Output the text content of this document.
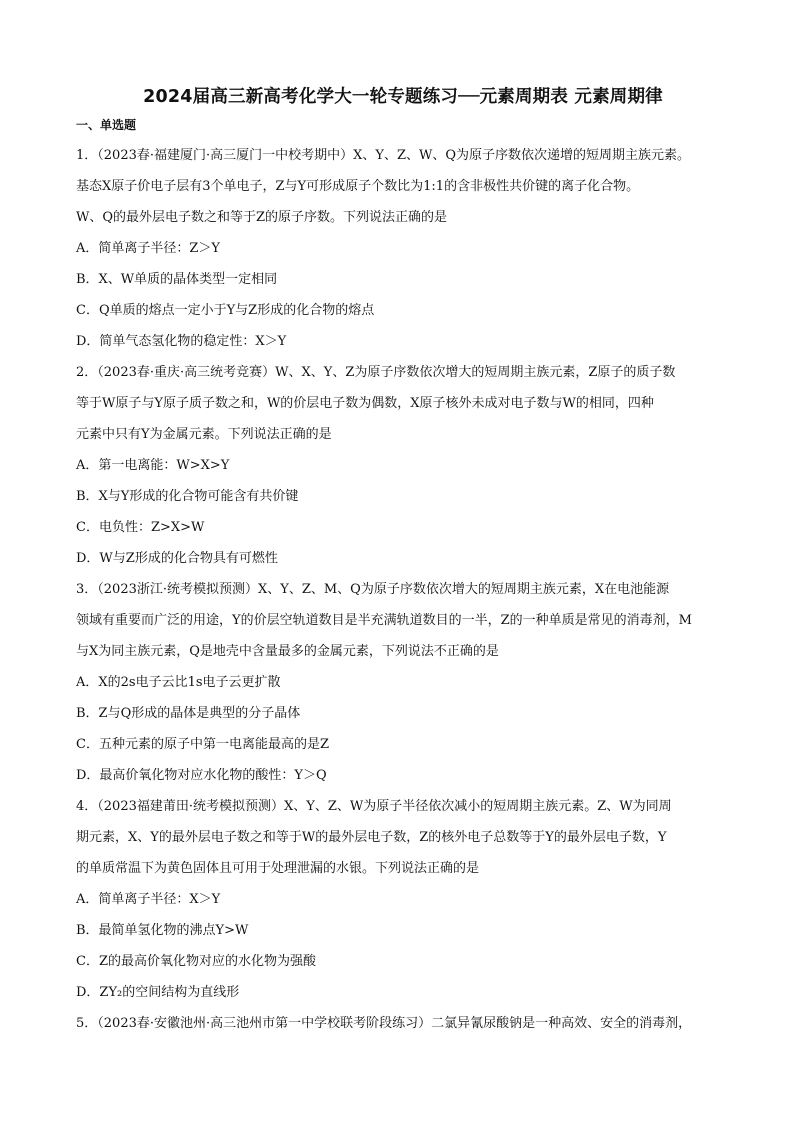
2024届高三新高考化学大一轮专题练习──元素周期表 元素周期律
一、单选题

1．（2023春·福建厦门·高三厦门一中校考期中）X、Y、Z、W、Q为原子序数依次递增的短周期主族元素。

基态X原子价电子层有3个单电子，Z与Y可形成原子个数比为1:1的含非极性共价键的离子化合物。

W、Q的最外层电子数之和等于Z的原子序数。下列说法正确的是

A．简单离子半径：Z＞Y
B．X、W单质的晶体类型一定相同
C．Q单质的熔点一定小于Y与Z形成的化合物的熔点
D．简单气态氢化物的稳定性：X＞Y

2．（2023春·重庆·高三统考竞赛）W、X、Y、Z为原子序数依次增大的短周期主族元素，Z原子的质子数

等于W原子与Y原子质子数之和，W的价层电子数为偶数，X原子核外未成对电子数与W的相同，四种

元素中只有Y为金属元素。下列说法正确的是

A．第一电离能：W>X>Y
B．X与Y形成的化合物可能含有共价键
C．电负性：Z>X>W
D．W与Z形成的化合物具有可燃性

3．（2023浙江·统考模拟预测）X、Y、Z、M、Q为原子序数依次增大的短周期主族元素，X在电池能源

领域有重要而广泛的用途，Y的价层空轨道数目是半充满轨道数目的一半，Z的一种单质是常见的消毒剂，M

与X为同主族元素，Q是地壳中含量最多的金属元素，下列说法不正确的是

A．X的2s电子云比1s电子云更扩散
B．Z与Q形成的晶体是典型的分子晶体
C．五种元素的原子中第一电离能最高的是Z
D．最高价氧化物对应水化物的酸性：Y＞Q

4．（2023福建莆田·统考模拟预测）X、Y、Z、W为原子半径依次减小的短周期主族元素。Z、W为同周

期元素，X、Y的最外层电子数之和等于W的最外层电子数，Z的核外电子总数等于Y的最外层电子数，Y

的单质常温下为黄色固体且可用于处理泄漏的水银。下列说法正确的是

A．简单离子半径：X＞Y
B．最简单氢化物的沸点Y>W
C．Z的最高价氧化物对应的水化物为强酸
D．ZY₂的空间结构为直线形

5．（2023春·安徽池州·高三池州市第一中学校联考阶段练习）二氯异氰尿酸钠是一种高效、安全的消毒剂，
